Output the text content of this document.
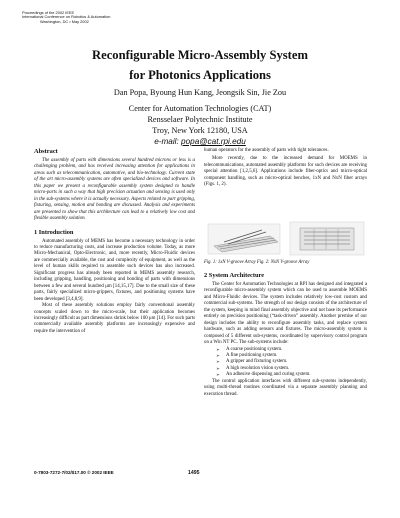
Proceedings of the 2002 IEEE
International Conference on Robotics & Automation
Washington, DC • May 2002
Reconfigurable Micro-Assembly System
for Photonics Applications
Dan Popa, Byoung Hun Kang, Jeongsik Sin, Jie Zou
Center for Automation Technologies (CAT)
Rensselaer Polytechnic Institute
Troy, New York 12180, USA
e-mail: popa@cat.rpi.edu

Abstract

The assembly of parts with dimensions several hundred microns or less is a challenging problem, and has received increasing attention for applications in areas such as telecommunication, automotive, and bio-technology. Current state of the art micro-assembly systems are often specialized devices and software. In this paper we present a reconfigurable assembly system designed to handle micro-parts in such a way that high precision actuation and sensing is used only in the sub-systems where it is actually necessary. Aspects related to part gripping, fixturing, sensing, motion and bonding are discussed. Analysis and experiments are presented to show that this architecture can lead to a relatively low cost and flexible assembly solution.

1 Introduction

Automated assembly of MEMS has become a necessary technology in order to reduce manufacturing costs, and increase production volume. Today, as more Micro-Mechanical, Opto-Electronic, and, more recently, Micro-Fluidic devices are commercially available, the cost and complexity of equipment, as well as the level of human skills required to assemble such devices has also increased. Significant progress has already been reported in MEMS assembly research, including gripping, handling, positioning and bonding of parts with dimensions between a few and several hundred μm [14,15,17]. Due to the small size of these parts, fairly specialized micro-grippers, fixtures, and positioning systems have been developed [3,4,8,9].

Most of these assembly solutions employ fairly conventional assembly concepts scaled down to the micro-scale, but their application becomes increasingly difficult as part dimensions shrink below 100 μm [14]. For such parts commercially available assembly platforms are increasingly expensive and require the intervention of

human operators for the assembly of parts with tight tolerances.

More recently, due to the increased demand for MOEMS in telecommunications, automated assembly platforms for such devices are receiving special attention [1,2,5,6]. Applications include fiber-optics and micro-optical component handling, such as micro-optical benches, 1xN and NxN fiber arrays (Figs. 1, 2).

Fig. 1: 1xN V-groove Array Fig. 2: NxN V-groove Array

2 System Architecture

The Center for Automation Technologies at RPI has designed and integrated a reconfigurable micro-assembly system which can be used to assemble MOEMS and Micro-Fluidic devices. The system includes relatively low-cost custom and commercial sub-systems. The strength of our design consists of the architecture of the system, keeping in mind final assembly objective and not base its performance entirely on precision positioning (“task-driven” assembly. Another premise of our design includes the ability to reconfigure assembly tasks, and replace system hardware, such as adding sensors and fixtures. The micro-assembly system is composed of 5 different sub-systems, coordinated by supervisory control program on a Win NT PC. The sub-systems include:

➢ A coarse positioning system.
➢ A fine positioning system.
➢ A gripper and fixturing system.
➢ A high resolution vision system.
➢ An adhesive dispensing and curing system.

The control application interfaces with different sub-systems independently, using multi-thread routines coordinated via a separate assembly planning and execution thread.

0-7803-7272-7/02/$17.00 © 2002 IEEE	1495
